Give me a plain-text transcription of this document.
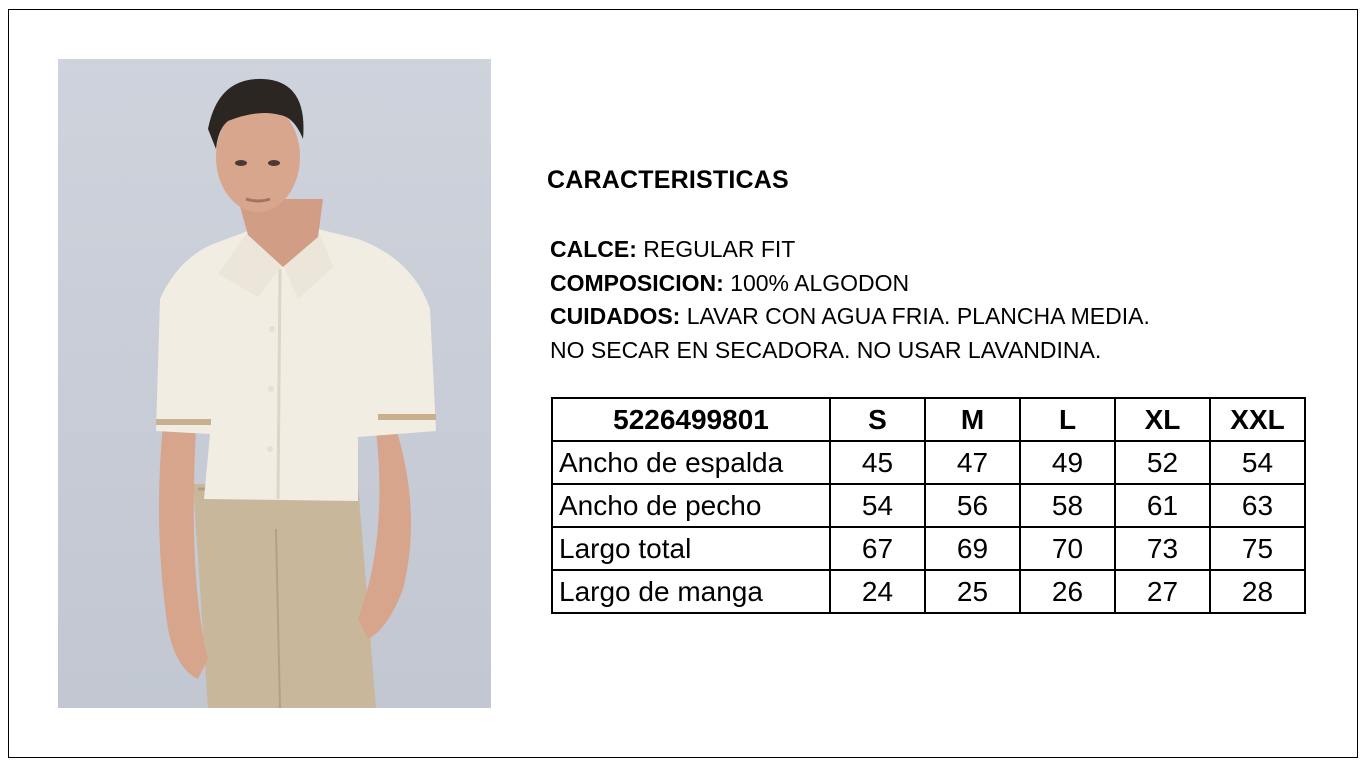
CARACTERISTICAS
CALCE: REGULAR FIT
COMPOSICION: 100% ALGODON
CUIDADOS: LAVAR CON AGUA FRIA. PLANCHA MEDIA.
NO SECAR EN SECADORA. NO USAR LAVANDINA.
5226499801	S	M	L	XL	XXL
Ancho de espalda	45	47	49	52	54
Ancho de pecho	54	56	58	61	63
Largo total	67	69	70	73	75
Largo de manga	24	25	26	27	28
